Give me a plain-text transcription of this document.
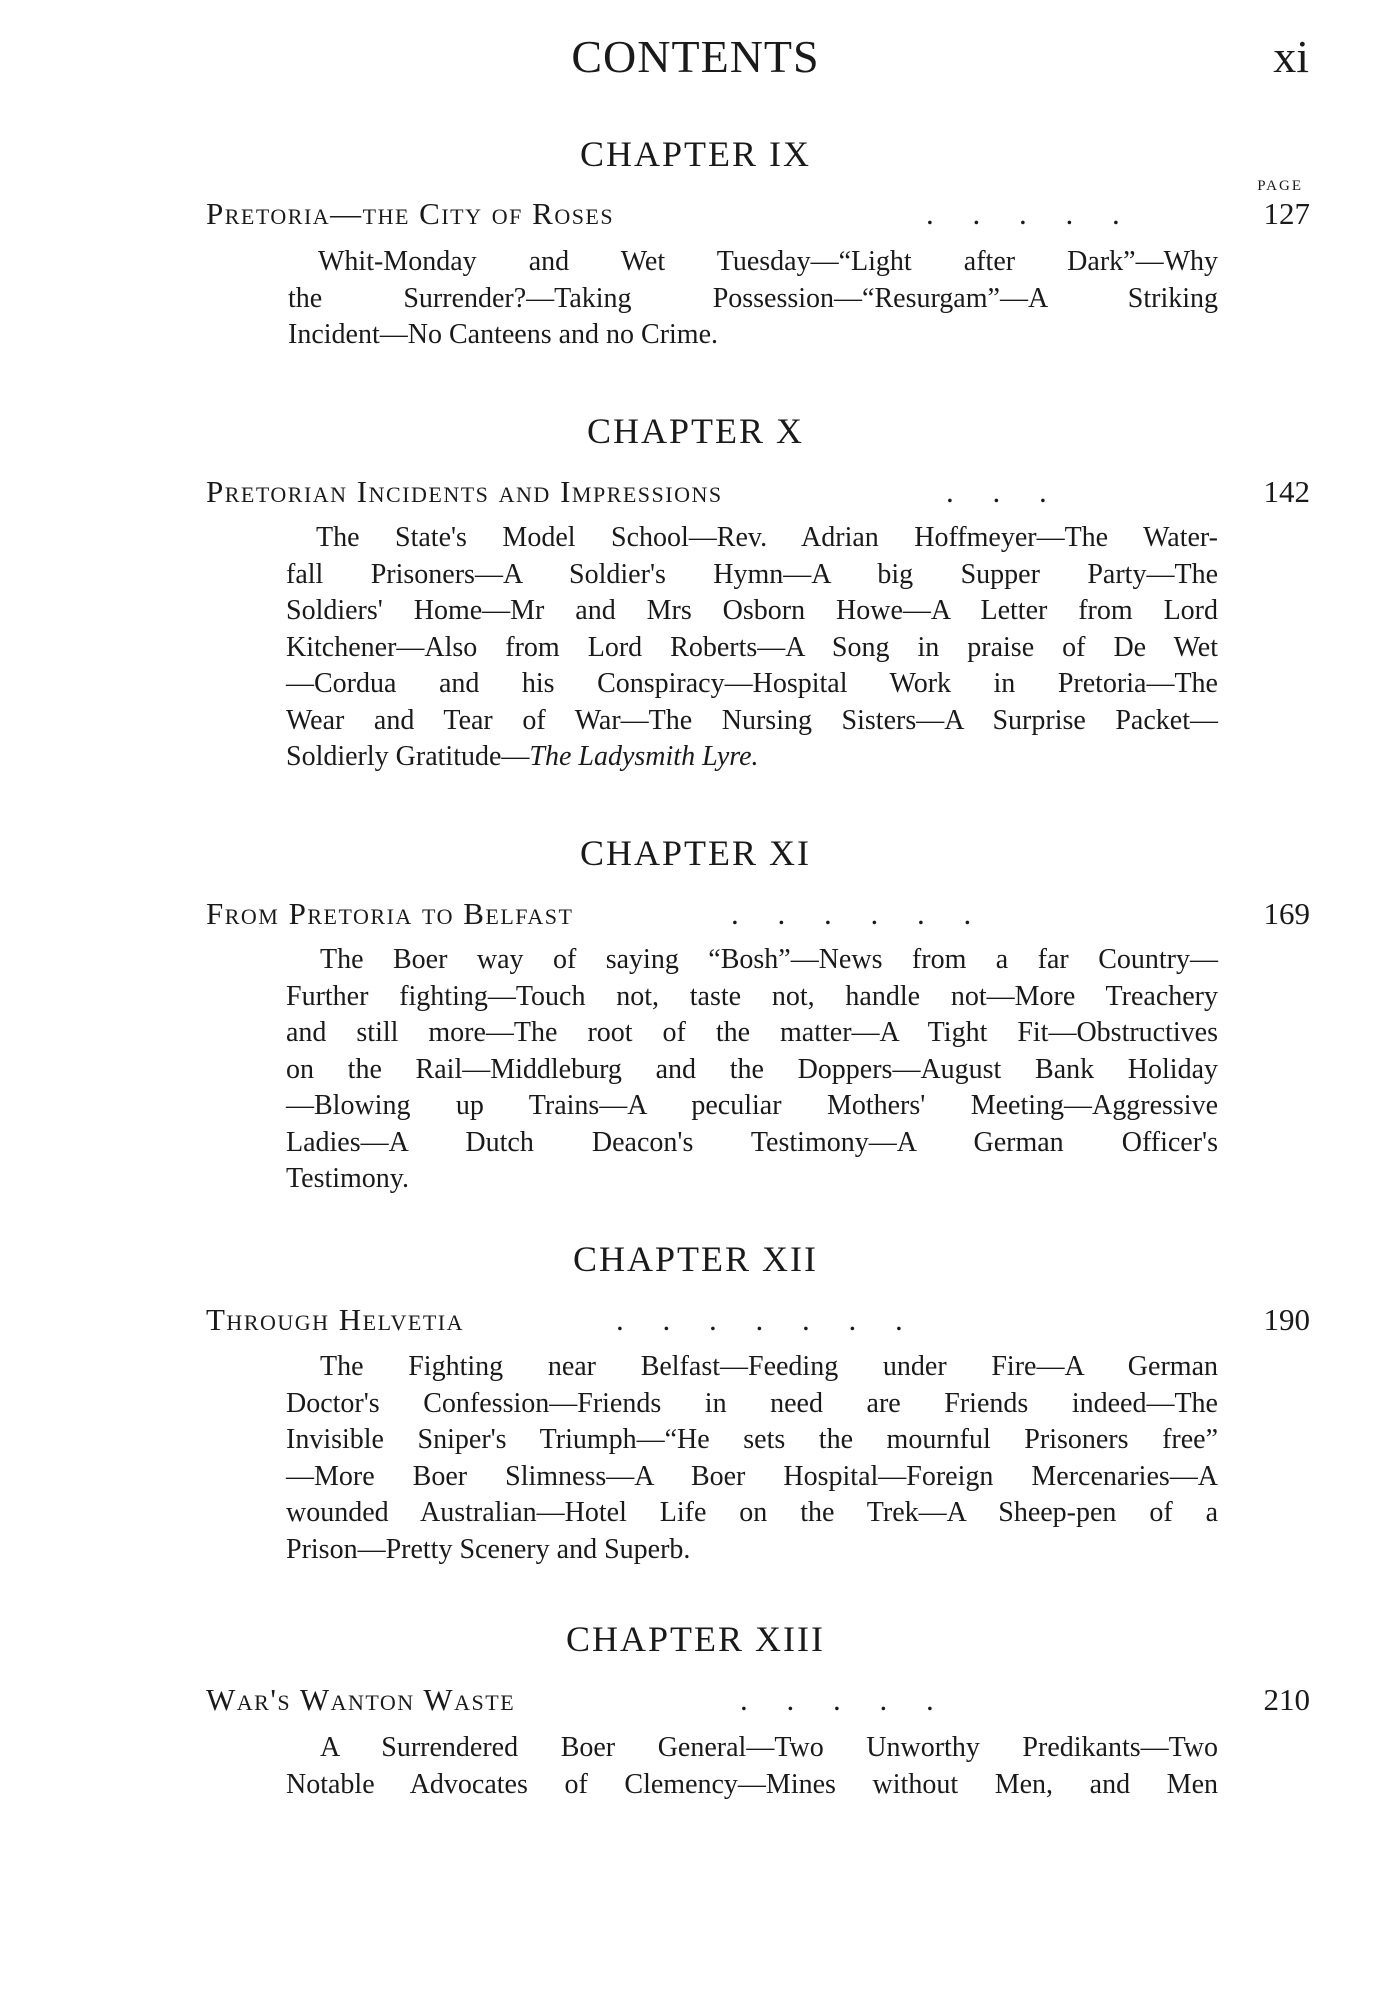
CONTENTS	xi
PAGE
CHAPTER IX
Pretoria—the City of Roses	.     .     .     .     .	127
Whit-Monday and Wet Tuesday—“Light after Dark”—Why
the Surrender?—Taking Possession—“Resurgam”—A Striking
Incident—No Canteens and no Crime.
CHAPTER X
Pretorian Incidents and Impressions	.     .     .	142
The State's Model School—Rev. Adrian Hoffmeyer—The Water-
fall Prisoners—A Soldier's Hymn—A big Supper Party—The
Soldiers' Home—Mr and Mrs Osborn Howe—A Letter from Lord
Kitchener—Also from Lord Roberts—A Song in praise of De Wet
—Cordua and his Conspiracy—Hospital Work in Pretoria—The
Wear and Tear of War—The Nursing Sisters—A Surprise Packet—
Soldierly Gratitude—The Ladysmith Lyre.
CHAPTER XI
From Pretoria to Belfast	.     .     .     .     .     .	169
The Boer way of saying “Bosh”—News from a far Country—
Further fighting—Touch not, taste not, handle not—More Treachery
and still more—The root of the matter—A Tight Fit—Obstructives
on the Rail—Middleburg and the Doppers—August Bank Holiday
—Blowing up Trains—A peculiar Mothers' Meeting—Aggressive
Ladies—A Dutch Deacon's Testimony—A German Officer's
Testimony.
CHAPTER XII
Through Helvetia	.     .     .     .     .     .     .	190
The Fighting near Belfast—Feeding under Fire—A German
Doctor's Confession—Friends in need are Friends indeed—The
Invisible Sniper's Triumph—“He sets the mournful Prisoners free”
—More Boer Slimness—A Boer Hospital—Foreign Mercenaries—A
wounded Australian—Hotel Life on the Trek—A Sheep-pen of a
Prison—Pretty Scenery and Superb.
CHAPTER XIII
War's Wanton Waste	.     .     .     .     .	210
A Surrendered Boer General—Two Unworthy Predikants—Two
Notable Advocates of Clemency—Mines without Men, and Men
